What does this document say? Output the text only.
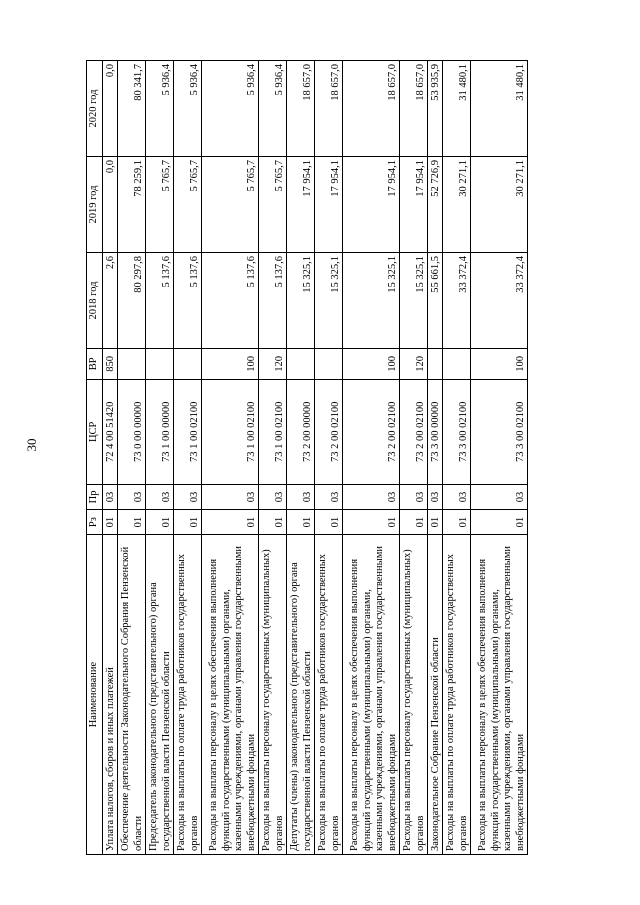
30
Наименование	Рз	Пр	ЦСР	ВР	2018 год	2019 год	2020 год
Уплата налогов, сборов и иных платежей	01	03	72 4 00 51420	850	2,6	0,0	0,0
Обеспечение деятельности Законодательного Собрания Пензенской области	01	03	73 0 00 00000		80 297,8	78 259,1	80 341,7
Председатель законодательного (представительного) органа государственной власти Пензенской области	01	03	73 1 00 00000		5 137,6	5 765,7	5 936,4
Расходы на выплаты по оплате труда работников государственных органов	01	03	73 1 00 02100		5 137,6	5 765,7	5 936,4
Расходы на выплаты персоналу в целях обеспечения выполнения функций государственными (муниципальными) органами, казенными учреждениями, органами управления государственными внебюджетными фондами	01	03	73 1 00 02100	100	5 137,6	5 765,7	5 936,4
Расходы на выплаты персоналу государственных (муниципальных) органов	01	03	73 1 00 02100	120	5 137,6	5 765,7	5 936,4
Депутаты (члены) законодательного (представительного) органа государственной власти Пензенской области	01	03	73 2 00 00000		15 325,1	17 954,1	18 657,0
Расходы на выплаты по оплате труда работников государственных органов	01	03	73 2 00 02100		15 325,1	17 954,1	18 657,0
Расходы на выплаты персоналу в целях обеспечения выполнения функций государственными (муниципальными) органами, казенными учреждениями, органами управления государственными внебюджетными фондами	01	03	73 2 00 02100	100	15 325,1	17 954,1	18 657,0
Расходы на выплаты персоналу государственных (муниципальных) органов	01	03	73 2 00 02100	120	15 325,1	17 954,1	18 657,0
Законодательное Собрание Пензенской области	01	03	73 3 00 00000		55 661,5	52 726,9	53 935,9
Расходы на выплаты по оплате труда работников государственных органов	01	03	73 3 00 02100		33 372,4	30 271,1	31 480,1
Расходы на выплаты персоналу в целях обеспечения выполнения функций государственными (муниципальными) органами, казенными учреждениями, органами управления государственными внебюджетными фондами	01	03	73 3 00 02100	100	33 372,4	30 271,1	31 480,1
